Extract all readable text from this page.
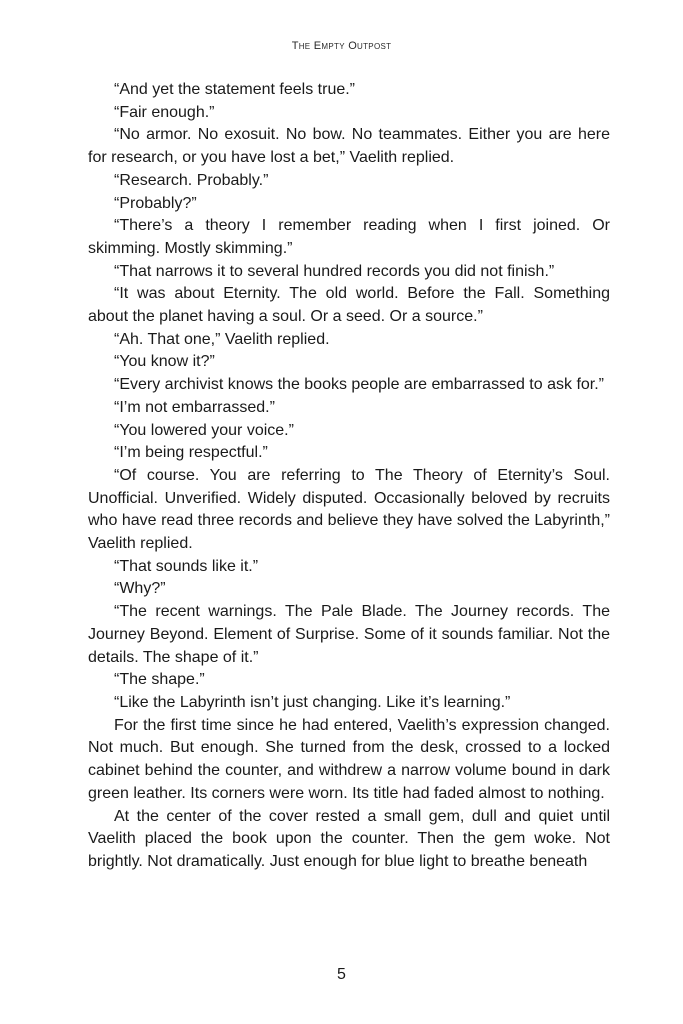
The Empty Outpost

“And yet the statement feels true.”

“Fair enough.”

“No armor. No exosuit. No bow. No teammates. Either you are here for research, or you have lost a bet,” Vaelith replied.

“Research. Probably.”

“Probably?”

“There’s a theory I remember reading when I first joined. Or skimming. Mostly skimming.”

“That narrows it to several hundred records you did not finish.”

“It was about Eternity. The old world. Before the Fall. Something about the planet having a soul. Or a seed. Or a source.”

“Ah. That one,” Vaelith replied.

“You know it?”

“Every archivist knows the books people are embarrassed to ask for.”

“I’m not embarrassed.”

“You lowered your voice.”

“I’m being respectful.”

“Of course. You are referring to The Theory of Eternity’s Soul. Unofficial. Unverified. Widely disputed. Occasionally beloved by recruits who have read three records and believe they have solved the Labyrinth,” Vaelith replied.

“That sounds like it.”

“Why?”

“The recent warnings. The Pale Blade. The Journey records. The Journey Beyond. Element of Surprise. Some of it sounds familiar. Not the details. The shape of it.”

“The shape.”

“Like the Labyrinth isn’t just changing. Like it’s learning.”

For the first time since he had entered, Vaelith’s expression changed. Not much. But enough. She turned from the desk, crossed to a locked cabinet behind the counter, and withdrew a narrow volume bound in dark green leather. Its corners were worn. Its title had faded almost to nothing.

At the center of the cover rested a small gem, dull and quiet until Vaelith placed the book upon the counter. Then the gem woke. Not brightly. Not dramatically. Just enough for blue light to breathe beneath

5
